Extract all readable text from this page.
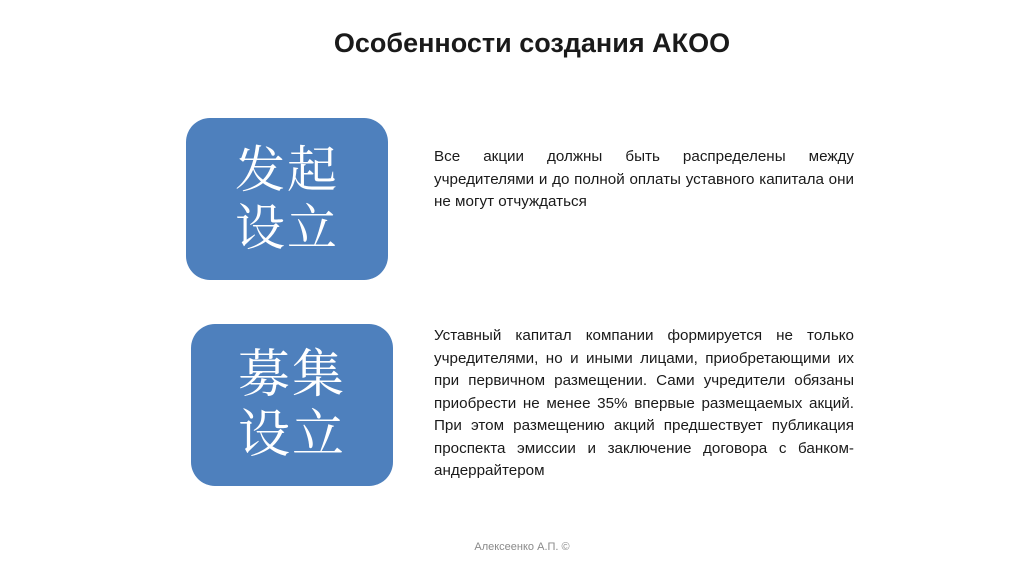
Особенности создания АКОО
发起
设立
Все акции должны быть распределены между учредителями и до полной оплаты уставного капитала они не могут отчуждаться
募集
设立
Уставный капитал компании формируется не только учредителями, но и иными лицами, приобретающими их при первичном размещении. Сами учредители обязаны приобрести не менее 35% впервые размещаемых акций. При этом размещению акций предшествует публикация проспекта эмиссии и заключение договора с банком-андеррайтером
Алексеенко А.П. ©
